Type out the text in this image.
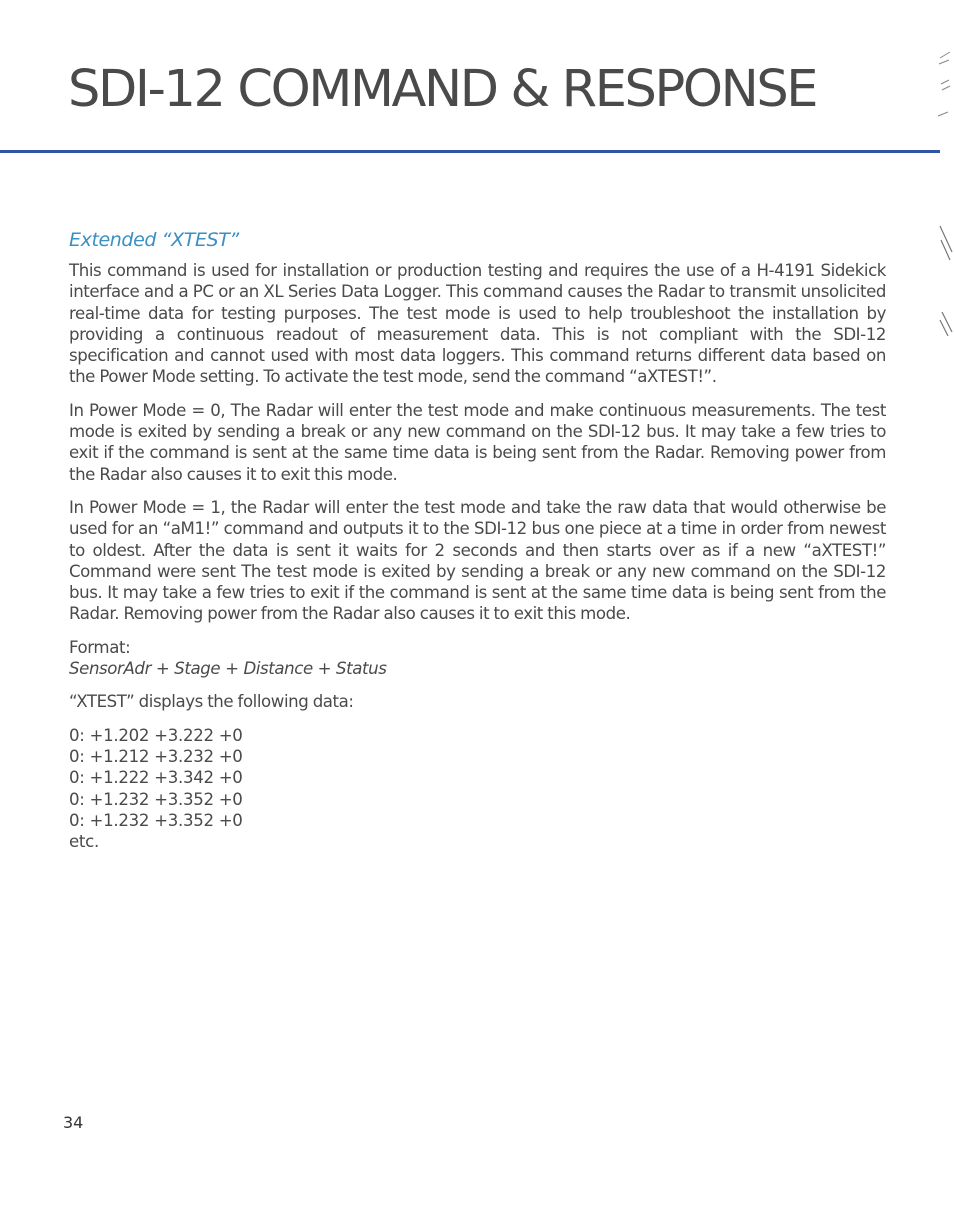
SDI-12 COMMAND & RESPONSE
Extended “XTEST”

This command is used for installation or production testing and requires the use of a H-4191 Sidekick interface and a PC or an XL Series Data Logger. This command causes the Radar to transmit unsolicited real-time data for testing purposes. The test mode is used to help troubleshoot the installation by providing a continuous readout of measurement data. This is not compliant with the SDI-12 specification and cannot used with most data loggers. This command returns different data based on the Power Mode setting. To activate the test mode, send the command “aXTEST!”.

In Power Mode = 0, The Radar will enter the test mode and make continuous measurements. The test mode is exited by sending a break or any new command on the SDI-12 bus. It may take a few tries to exit if the command is sent at the same time data is being sent from the Radar. Removing power from the Radar also causes it to exit this mode.

In Power Mode = 1, the Radar will enter the test mode and take the raw data that would otherwise be used for an “aM1!” command and outputs it to the SDI-12 bus one piece at a time in order from newest to oldest. After the data is sent it waits for 2 seconds and then starts over as if a new “aXTEST!” Command were sent The test mode is exited by sending a break or any new command on the SDI-12 bus. It may take a few tries to exit if the command is sent at the same time data is being sent from the Radar. Removing power from the Radar also causes it to exit this mode.

Format:
SensorAdr + Stage + Distance + Status

“XTEST” displays the following data:

0: +1.202 +3.222 +0
0: +1.212 +3.232 +0
0: +1.222 +3.342 +0
0: +1.232 +3.352 +0
0: +1.232 +3.352 +0
etc.
34
